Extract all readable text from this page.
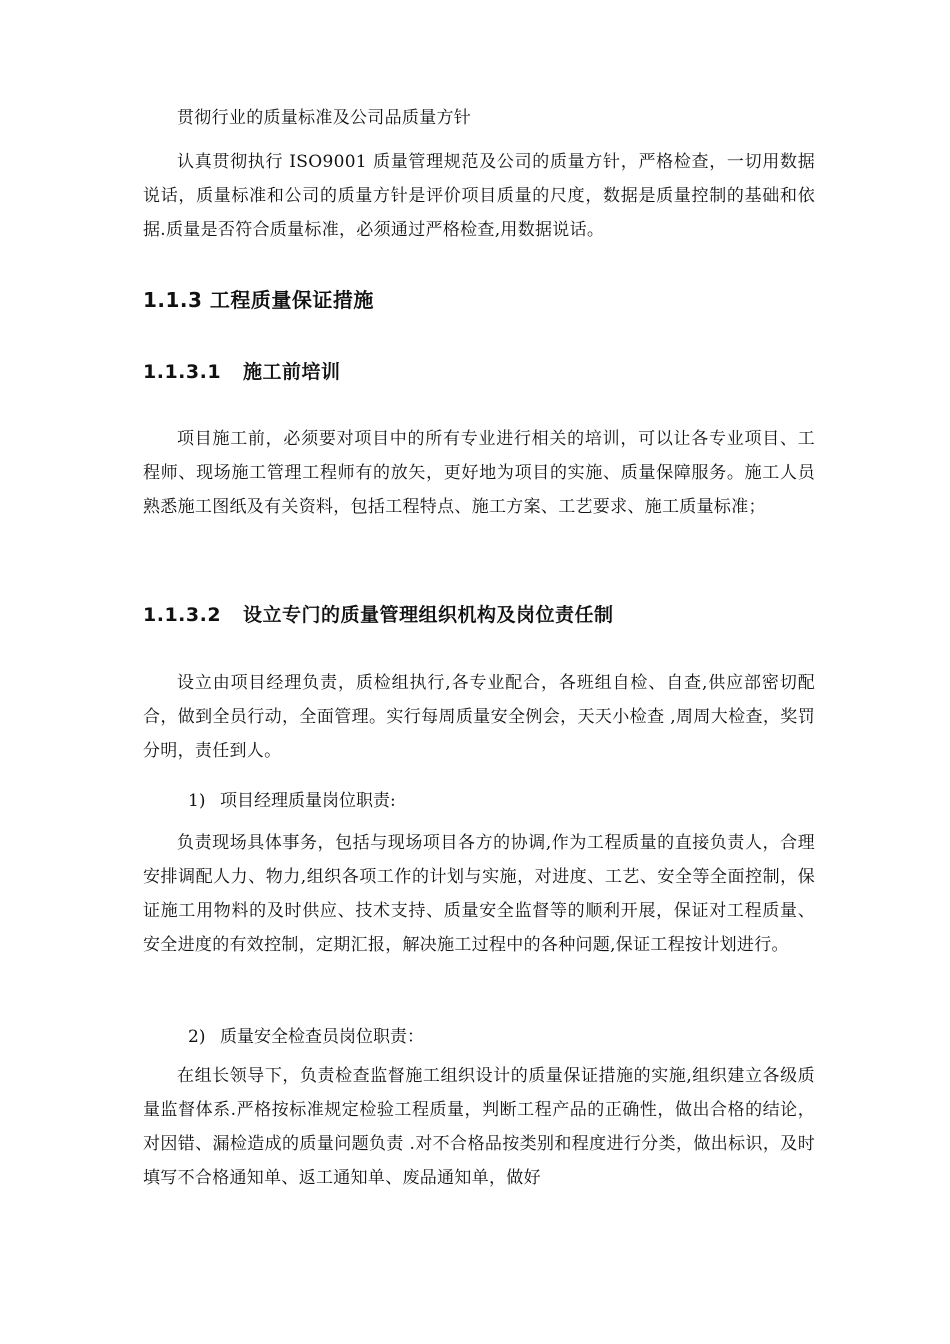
贯彻行业的质量标准及公司品质量方针

认真贯彻执行 ISO9001 质量管理规范及公司的质量方针，严格检查，一切用数据说话，质量标准和公司的质量方针是评价项目质量的尺度，数据是质量控制的基础和依据.质量是否符合质量标准，必须通过严格检查,用数据说话。

1.1.3 工程质量保证措施
1.1.3.1 施工前培训

项目施工前，必须要对项目中的所有专业进行相关的培训，可以让各专业项目、工程师、现场施工管理工程师有的放矢，更好地为项目的实施、质量保障服务。施工人员熟悉施工图纸及有关资料，包括工程特点、施工方案、工艺要求、施工质量标准；

1.1.3.2 设立专门的质量管理组织机构及岗位责任制

设立由项目经理负责，质检组执行,各专业配合，各班组自检、自查,供应部密切配合，做到全员行动，全面管理。实行每周质量安全例会，天天小检查 ,周周大检查，奖罚分明，责任到人。

1) 项目经理质量岗位职责:

负责现场具体事务，包括与现场项目各方的协调,作为工程质量的直接负责人，合理安排调配人力、物力,组织各项工作的计划与实施，对进度、工艺、安全等全面控制，保证施工用物料的及时供应、技术支持、质量安全监督等的顺利开展，保证对工程质量、安全进度的有效控制，定期汇报，解决施工过程中的各种问题,保证工程按计划进行。

2) 质量安全检查员岗位职责：

在组长领导下，负责检查监督施工组织设计的质量保证措施的实施,组织建立各级质量监督体系.严格按标准规定检验工程质量，判断工程产品的正确性，做出合格的结论，对因错、漏检造成的质量问题负责 .对不合格品按类别和程度进行分类，做出标识，及时填写不合格通知单、返工通知单、废品通知单，做好
